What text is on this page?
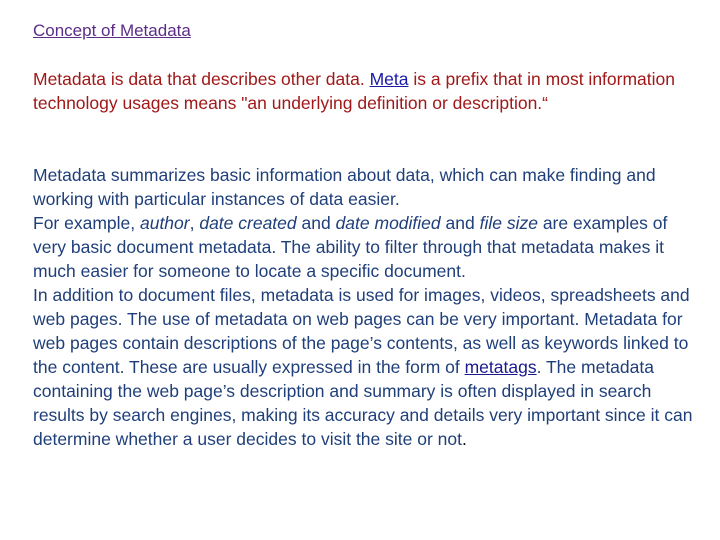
Concept of Metadata

Metadata is data that describes other data. Meta is a prefix that in most information technology usages means "an underlying definition or description.“

Metadata summarizes basic information about data, which can make finding and working with particular instances of data easier.
For example, author, date created and date modified and file size are examples of very basic document metadata. The ability to filter through that metadata makes it much easier for someone to locate a specific document.
In addition to document files, metadata is used for images, videos, spreadsheets and web pages. The use of metadata on web pages can be very important. Metadata for web pages contain descriptions of the page’s contents, as well as keywords linked to the content. These are usually expressed in the form of metatags. The metadata containing the web page’s description and summary is often displayed in search results by search engines, making its accuracy and details very important since it can determine whether a user decides to visit the site or not.
